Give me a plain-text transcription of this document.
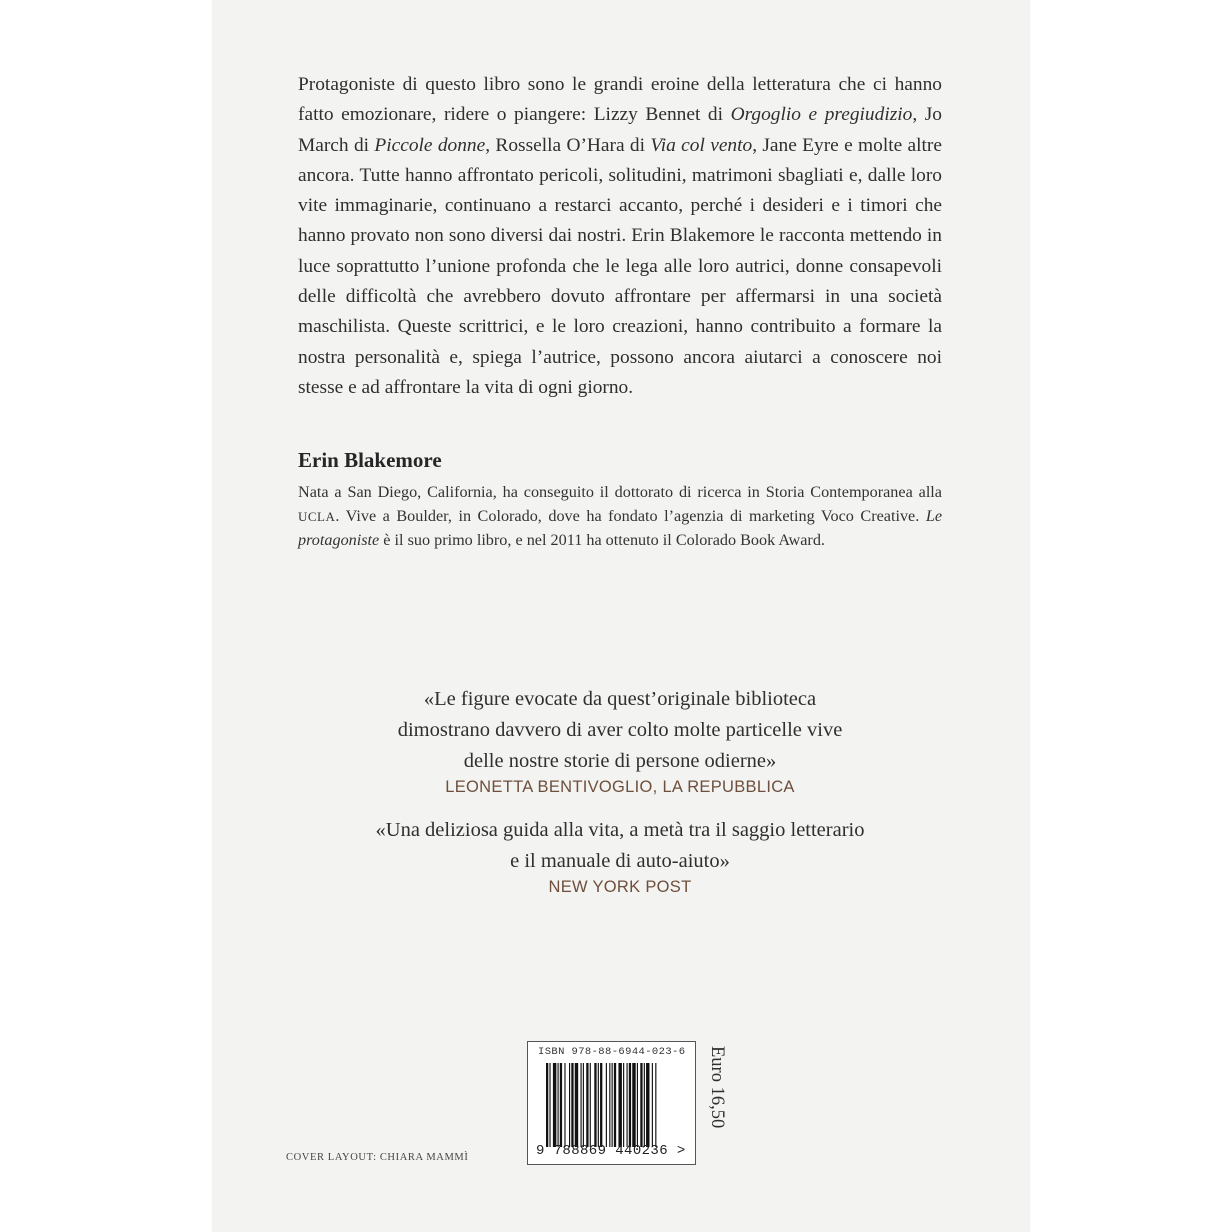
Protagoniste di questo libro sono le grandi eroine della letteratura che ci hanno fatto emozionare, ridere o piangere: Lizzy Bennet di Orgoglio e pregiudizio, Jo March di Piccole donne, Rossella O’Hara di Via col vento, Jane Eyre e molte altre ancora. Tutte hanno affrontato pericoli, solitudini, matrimoni sbagliati e, dalle loro vite immaginarie, continuano a restarci accanto, perché i desideri e i timori che hanno provato non sono diversi dai nostri. Erin Blakemore le racconta mettendo in luce soprattutto l’unione profonda che le lega alle loro autrici, donne consapevoli delle difficoltà che avrebbero dovuto affrontare per affermarsi in una società maschilista. Queste scrittrici, e le loro creazioni, hanno contribuito a formare la nostra personalità e, spiega l’autrice, possono ancora aiutarci a conoscere noi stesse e ad affrontare la vita di ogni giorno.

Erin Blakemore

Nata a San Diego, California, ha conseguito il dottorato di ricerca in Storia Contemporanea alla UCLA. Vive a Boulder, in Colorado, dove ha fondato l’agenzia di marketing Voco Creative. Le protagoniste è il suo primo libro, e nel 2011 ha ottenuto il Colorado Book Award.

«Le figure evocate da quest’originale biblioteca
dimostrano davvero di aver colto molte particelle vive
delle nostre storie di persone odierne»

LEONETTA BENTIVOGLIO, LA REPUBBLICA

«Una deliziosa guida alla vita, a metà tra il saggio letterario
e il manuale di auto-aiuto»

NEW YORK POST

COVER LAYOUT: CHIARA MAMMÌ

ISBN 978-88-6944-023-6
9 788869 440236 >

Euro 16,50
